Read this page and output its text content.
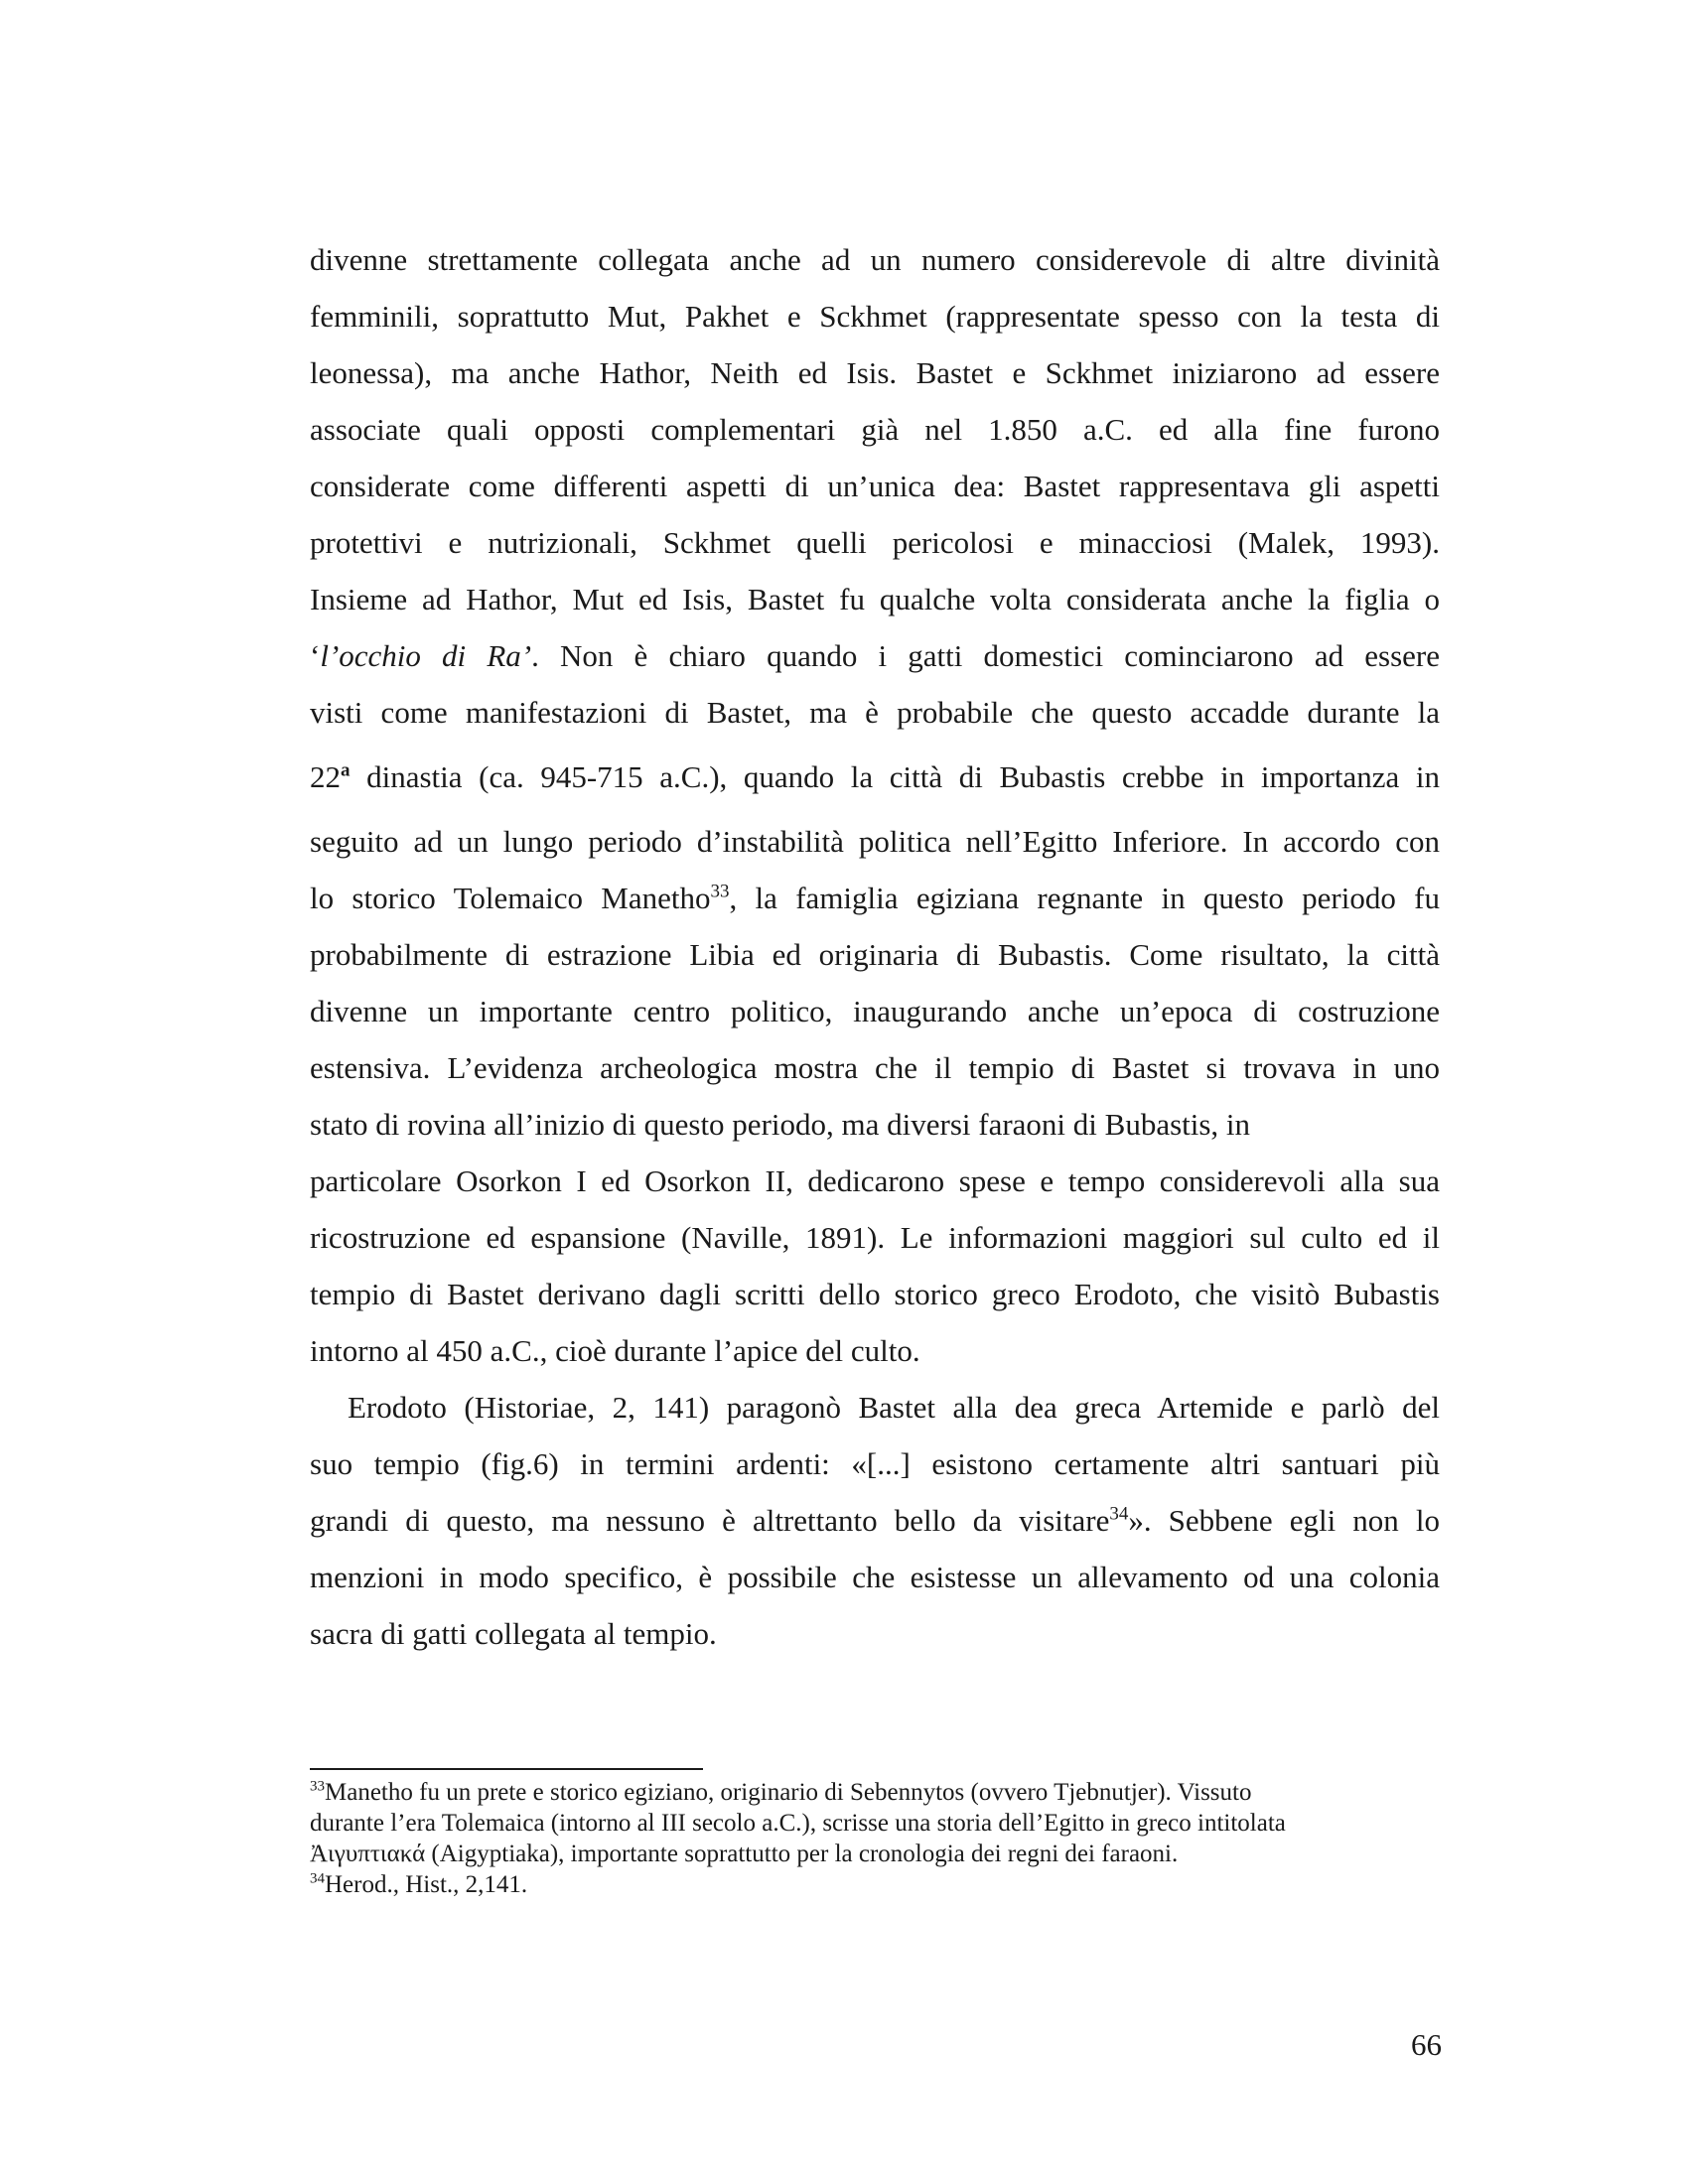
divenne strettamente collegata anche ad un numero considerevole di altre divinità
femminili, soprattutto Mut, Pakhet e Sckhmet (rappresentate spesso con la testa di
leonessa), ma anche Hathor, Neith ed Isis. Bastet e Sckhmet iniziarono ad essere
associate quali opposti complementari già nel 1.850 a.C. ed alla fine furono
considerate come differenti aspetti di un’unica dea: Bastet rappresentava gli aspetti
protettivi e nutrizionali, Sckhmet quelli pericolosi e minacciosi (Malek, 1993).
Insieme ad Hathor, Mut ed Isis, Bastet fu qualche volta considerata anche la figlia o
‘l’occhio di Ra’. Non è chiaro quando i gatti domestici cominciarono ad essere
visti come manifestazioni di Bastet, ma è probabile che questo accadde durante la
22$^a$ dinastia (ca. 945-715 a.C.), quando la città di Bubastis crebbe in importanza in
seguito ad un lungo periodo d’instabilità politica nell’Egitto Inferiore. In accordo con
lo storico Tolemaico Manetho$^{33}$, la famiglia egiziana regnante in questo periodo fu
probabilmente di estrazione Libia ed originaria di Bubastis. Come risultato, la città
divenne un importante centro politico, inaugurando anche un’epoca di costruzione
estensiva. L’evidenza archeologica mostra che il tempio di Bastet si trovava in uno
stato di rovina all’inizio di questo periodo, ma diversi faraoni di Bubastis, in
particolare Osorkon I ed Osorkon II, dedicarono spese e tempo considerevoli alla sua
ricostruzione ed espansione (Naville, 1891). Le informazioni maggiori sul culto ed il
tempio di Bastet derivano dagli scritti dello storico greco Erodoto, che visitò Bubastis
intorno al 450 a.C., cioè durante l’apice del culto.
Erodoto (Historiae, 2, 141) paragonò Bastet alla dea greca Artemide e parlò del
suo tempio (fig.6) in termini ardenti: «[...] esistono certamente altri santuari più
grandi di questo, ma nessuno è altrettanto bello da visitare$^{34}$». Sebbene egli non lo
menzioni in modo specifico, è possibile che esistesse un allevamento od una colonia
sacra di gatti collegata al tempio.
$^{33}$Manetho fu un prete e storico egiziano, originario di Sebennytos (ovvero Tjebnutjer). Vissuto
durante l’era Tolemaica (intorno al III secolo a.C.), scrisse una storia dell’Egitto in greco intitolata
Ἀιγυπτιακά (Aigyptiaka), importante soprattutto per la cronologia dei regni dei faraoni.
$^{34}$Herod., Hist., 2,141.
66
